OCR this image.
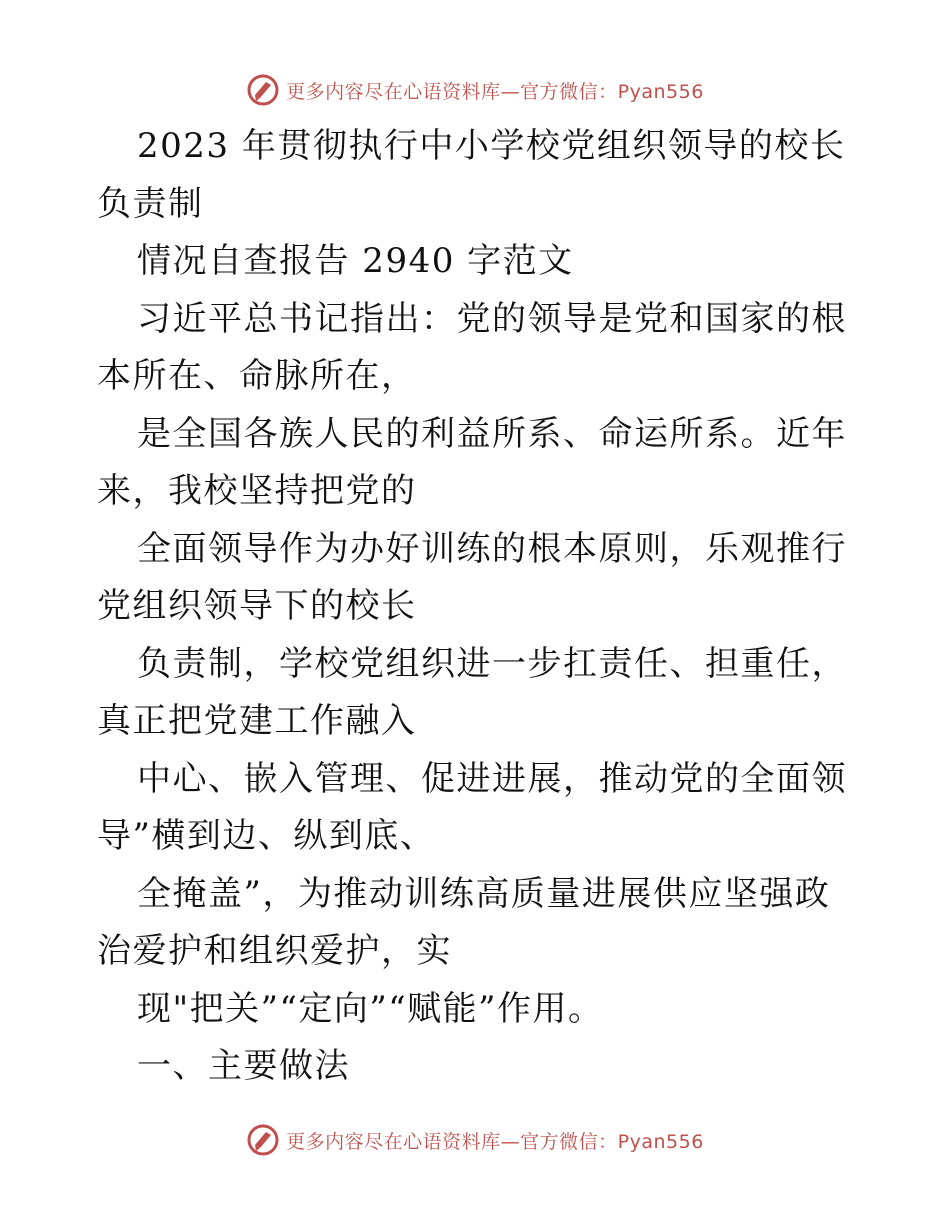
更多内容尽在心语资料库—官方微信：Pyan556

2023 年贯彻执行中小学校党组织领导的校长负责制

情况自查报告 2940 字范文

习近平总书记指出：党的领导是党和国家的根本所在、命脉所在，

是全国各族人民的利益所系、命运所系。近年来，我校坚持把党的

全面领导作为办好训练的根本原则，乐观推行党组织领导下的校长

负责制，学校党组织进一步扛责任、担重任，真正把党建工作融入

中心、嵌入管理、促进进展，推动党的全面领导”横到边、纵到底、

全掩盖”，为推动训练高质量进展供应坚强政治爱护和组织爱护，实

现"把关”“定向”“赋能”作用。

一、主要做法

更多内容尽在心语资料库—官方微信：Pyan556
